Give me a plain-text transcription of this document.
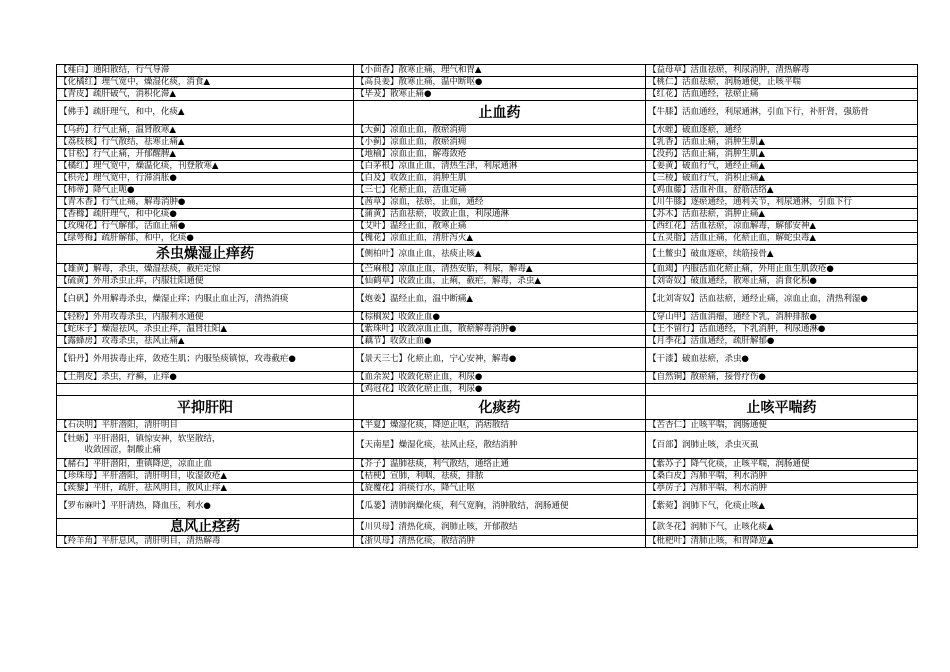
【薤白】通阳散结，行气导滞	【小茴香】散寒止痛，理气和胃▲	【益母草】活血祛瘀，利尿消肿，清热解毒
【化橘红】理气宽中，燥湿化痰，消食▲	【高良姜】散寒止痛，温中断呕●	【桃仁】活血祛瘀，润肠通便，止咳平喘
【青皮】疏肝破气，消积化滞▲	【毕茇】散寒止痛●	【红花】活血通经，祛瘀止痛
【佛手】疏肝理气，和中，化痰▲	止血药	【牛膝】活血通经，利尿通淋，引血下行，补肝肾，强筋骨
【乌药】行气止痛，温肾散寒▲	【大蓟】凉血止血，散瘀消痈	【水蛭】破血逐瘀，通经
【荔枝核】行气散结，祛寒止痛▲	【小蓟】凉血止血，散瘀消痈	【乳香】活血止痛，消肿生肌▲
【甘松】行气止痛，开郁醒脾▲	【地榆】凉血止血，解毒敛疮	【没药】活血止痛，消肿生肌▲
【橘红】理气宽中，燥温化痰，刊登散寒▲	【白茅根】凉血止血，清热生津，利尿通淋	【姜黄】破血行气，通经止痛▲
【枳壳】理气宽中，行滞消胀●	【白及】收敛止血，消肿生肌	【三棱】破血行气，消积止痛▲
【柿蒂】降气止呃●	【三七】化瘀止血，活血定痛	【鸡血藤】活血补血，舒筋活络▲
【青木香】行气止痛，解毒消肿●	【茜草】凉血，祛瘀，止血，通经	【川牛膝】逐瘀通经，通利关节，利尿通淋，引血下行
【香橼】疏肝理气，和中化痰●	【蒲黄】活血祛瘀，收敛止血，利尿通淋	【苏木】活血祛瘀，消肿止痛▲
【玫瑰花】行气解郁，活血止痛●	【艾叶】温经止血，散寒止痛	【西红花】活血祛瘀，凉血解毒，解郁安神▲
【绿萼梅】疏肝解郁，和中，化痰●	【槐花】凉血止血，清肝泻火▲	【五灵脂】活血止痛，化瘀止血，解蛇虫毒▲
杀虫燥湿止痒药	【侧柏叶】凉血止血，祛痰止咳▲	【土鳖虫】破血逐瘀，续筋接骨▲
【雄黄】解毒，杀虫，燥湿祛痰，截疟定惊	【苎麻根】凉血止血，清热安胎，利尿，解毒▲	【血竭】内服活血化瘀止痛，外用止血生肌敛疮●
【硫黄】外用杀虫止痒，内服壮阳通便	【仙鹤草】收敛止血，止痢，截疟，解毒，杀虫▲	【刘寄奴】破血通经，散寒止痛，消食化积●
【白矾】外用解毒杀虫，燥湿止痒；内服止血止泻，清热消痰	【炮姜】温经止血，温中断痛▲	【北刘寄奴】活血祛瘀，通经止痛，凉血止血，清热利湿●
【轻粉】外用攻毒杀虫，内服利水通便	【棕榈炭】收敛止血●	【穿山甲】活血消瘤，通经下乳，消肿排脓●
【蛇床子】燥湿祛风，杀虫止痒，温肾壮阳▲	【紫珠叶】收敛凉血止血，散瘀解毒消肿●	【王不留行】活血通经，下乳消肿，利尿通淋●
【露蜂房】攻毒杀虫，祛风止痛▲	【藕节】收敛止血●	【月季花】活血通经，疏肝解郁●
【铅丹】外用拔毒止痒，敛疮生肌；内服坠痰镇惊，攻毒截疟●	【景天三七】化瘀止血，宁心安神，解毒●	【干漆】破血祛瘀，杀虫●
【土荆皮】杀虫，疗癣，止痒●	【血余炭】收敛化瘀止血，利尿●	【自然铜】散瘀痛，接骨疗伤●
	【鸡冠花】收敛化瘀止血，利尿●	
平抑肝阳	化痰药	止咳平喘药
【石决明】平肝潜阳，清肝明目	【半夏】燥湿化痰，降逆止呕，消痞散结	【苦杏仁】止咳平喘，润肠通便
【牡蛎】平肝潜阳，镇惊安神，软坚散结，
　　　收敛固涩，制酸止痛	【天南星】燥湿化痰，祛风止痉，散结消肿	【百部】润肺止咳，杀虫灭虱
【赭石】平肝潜阳，重镇降逆，凉血止血	【芥子】温肺祛痰，利气散结，通络止通	【紫苏子】降气化痰，止咳平喘，润肠通便
【珍珠母】平肝潜阳，清肝明目，收湿敛疮▲	【桔梗】宣肺，利咽，祛痰，排脓	【桑白皮】泻肺平喘，利水消肿
【蒺藜】平肝，疏肝，祛风明目，散风止痒▲	【旋覆花】消痰行水，降气止呕	【葶苈子】泻肺平喘，利水消肿
【罗布麻叶】平肝清热，降血压，利水●	【瓜蒌】清肺润燥化痰，利气宽胸，消肿散结，润肠通便	【紫菀】润肺下气，化痰止咳▲
息风止痉药	【川贝母】清热化痰，润肺止咳，开郁散结	【款冬花】润肺下气，止咳化痰▲
【羚羊角】平肝息风，清肝明目，清热解毒	【浙贝母】清热化痰，散结消肿	【枇杷叶】清肺止咳，和胃降逆▲
